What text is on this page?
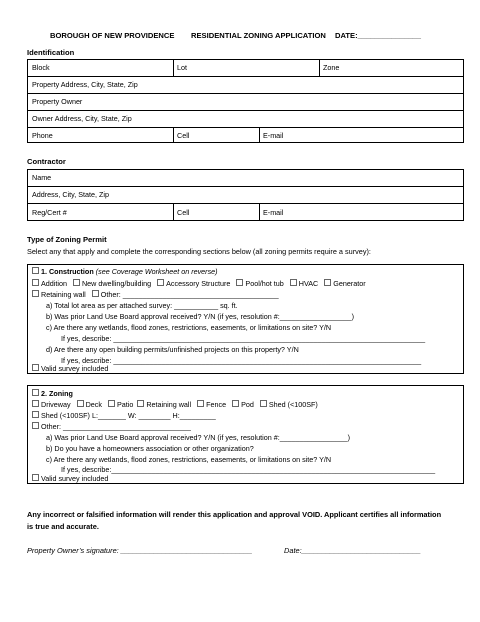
BOROUGH OF NEW PROVIDENCE RESIDENTIAL ZONING APPLICATION DATE:_______________
Identification
Block	Lot	Zone
Property Address, City, State, Zip
Property Owner
Owner Address, City, State, Zip
Phone	Cell	E-mail
Contractor
Name
Address, City, State, Zip
Reg/Cert #	Cell	E-mail
Type of Zoning Permit
Select any that apply and complete the corresponding sections below (all zoning permits require a survey):
1. Construction (see Coverage Worksheet on reverse)
Addition New dwelling/building Accessory Structure Pool/hot tub HVAC Generator
Retaining wall Other: _______________________________________
a) Total lot area as per attached survey: ___________ sq. ft.
b) Was prior Land Use Board approval received? Y/N (if yes, resolution #:__________________)
c) Are there any wetlands, flood zones, restrictions, easements, or limitations on site? Y/N
If yes, describe: ______________________________________________________________________________
d) Are there any open building permits/unfinished projects on this property? Y/N
If yes, describe: _____________________________________________________________________________
Valid survey included
2. Zoning
Driveway Deck Patio Retaining wall Fence Pod Shed (<100SF)
Shed (<100SF) L:_______ W: ________ H:_________
Other: ________________________________
a) Was prior Land Use Board approval received? Y/N (if yes, resolution #:_________________)
b) Do you have a homeowners association or other organization?
c) Are there any wetlands, flood zones, restrictions, easements, or limitations on site? Y/N
If yes, describe:_________________________________________________________________________________
Valid survey included
Any incorrect or falsified information will render this application and approval VOID. Applicant certifies all information
is true and accurate.
Property Owner’s signature: ________________________________	Date:_____________________________
